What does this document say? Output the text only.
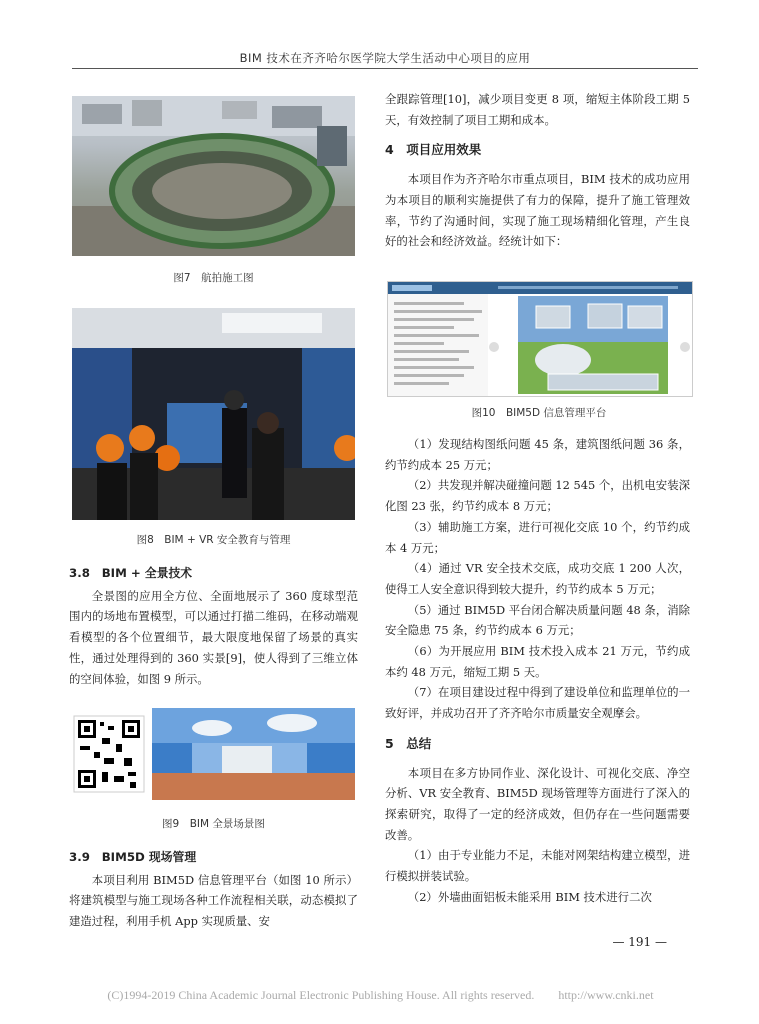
BIM 技术在齐齐哈尔医学院大学生活动中心项目的应用
图7　航拍施工图
图8　BIM + VR 安全教育与管理
3.8　BIM + 全景技术

全景图的应用全方位、全面地展示了 360 度球型范围内的场地布置模型，可以通过打描二维码，在移动端观看模型的各个位置细节，最大限度地保留了场景的真实性，通过处理得到的 360 实景[9]，使人得到了三维立体的空间体验，如图 9 所示。

图9　BIM 全景场景图
3.9　BIM5D 现场管理

本项目利用 BIM5D 信息管理平台（如图 10 所示）将建筑模型与施工现场各种工作流程相关联，动态模拟了建造过程，利用手机 App 实现质量、安

全跟踪管理[10]，减少项目变更 8 项，缩短主体阶段工期 5 天，有效控制了项目工期和成本。

4　项目应用效果

本项目作为齐齐哈尔市重点项目，BIM 技术的成功应用为本项目的顺利实施提供了有力的保障，提升了施工管理效率，节约了沟通时间，实现了施工现场精细化管理，产生良好的社会和经济效益。经统计如下：

图10　BIM5D 信息管理平台

（1）发现结构图纸问题 45 条，建筑图纸问题 36 条，约节约成本 25 万元；

（2）共发现并解决碰撞问题 12 545 个，出机电安装深化图 23 张，约节约成本 8 万元；

（3）辅助施工方案，进行可视化交底 10 个，约节约成本 4 万元；

（4）通过 VR 安全技术交底，成功交底 1 200 人次，使得工人安全意识得到较大提升，约节约成本 5 万元；

（5）通过 BIM5D 平台闭合解决质量问题 48 条，消除安全隐患 75 条，约节约成本 6 万元；

（6）为开展应用 BIM 技术投入成本 21 万元，节约成本约 48 万元，缩短工期 5 天。

（7）在项目建设过程中得到了建设单位和监理单位的一致好评，并成功召开了齐齐哈尔市质量安全观摩会。

5　总结

本项目在多方协同作业、深化设计、可视化交底、净空分析、VR 安全教育、BIM5D 现场管理等方面进行了深入的探索研究，取得了一定的经济成效，但仍存在一些问题需要改善。

（1）由于专业能力不足，未能对网架结构建立模型，进行模拟拼装试验。

（2）外墙曲面铝板未能采用 BIM 技术进行二次

— 191 —
(C)1994-2019 China Academic Journal Electronic Publishing House. All rights reserved.　　http://www.cnki.net
